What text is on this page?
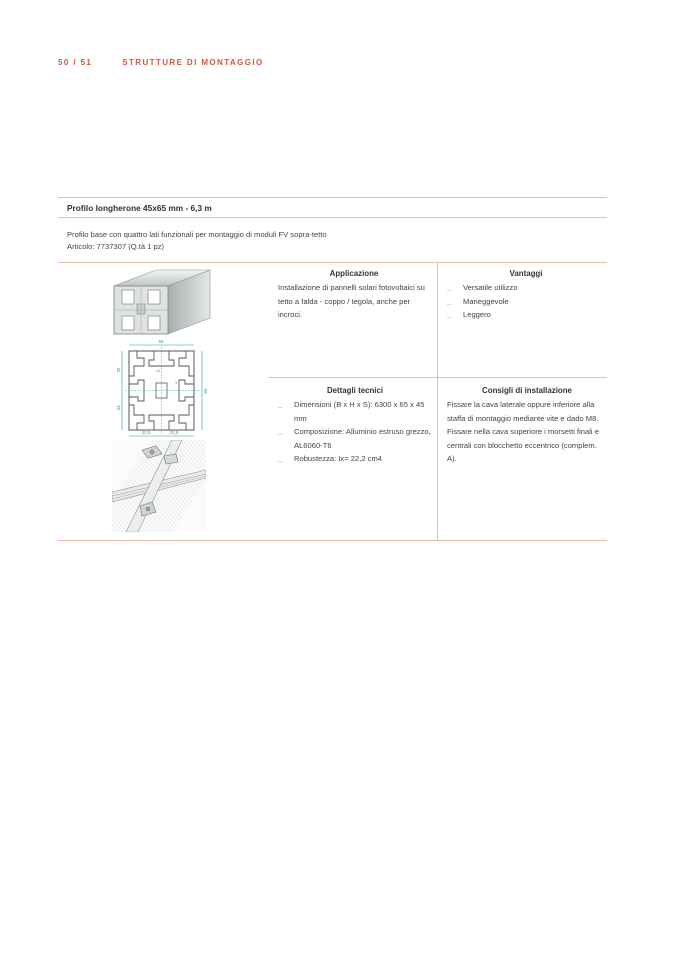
50 / 51	STRUTTURE DI MONTAGGIO
Profilo longherone 45x65 mm - 6,3 m
Profilo base con quattro lati funzionali per montaggio di moduli FV sopra-tetto
Articolo: 7737307 (Q.tà 1 pz)
65
65
32
33
22,5	22,5
10
3
Applicazione

Installazione di pannelli solari fotovoltaici su tetto a falda - coppo / tegola, anche per incroci.

Vantaggi
_ Versatile utilizzo
_ Maneggevole
_ Leggero
Dettagli tecnici
_ Dimensioni (B x H x S): 6300 x 65 x 45 mm
_ Composizione: Alluminio estruso grezzo, AL6060-T6
_ Robustezza: Ix= 22,2 cm4
Consigli di installazione

Fissare la cava laterale oppure inferiore alla staffa di montaggio mediante vite e dado M8.

Fissare nella cava superiore i morsetti finali e centrali con blocchetto eccentrico (complem. A).
